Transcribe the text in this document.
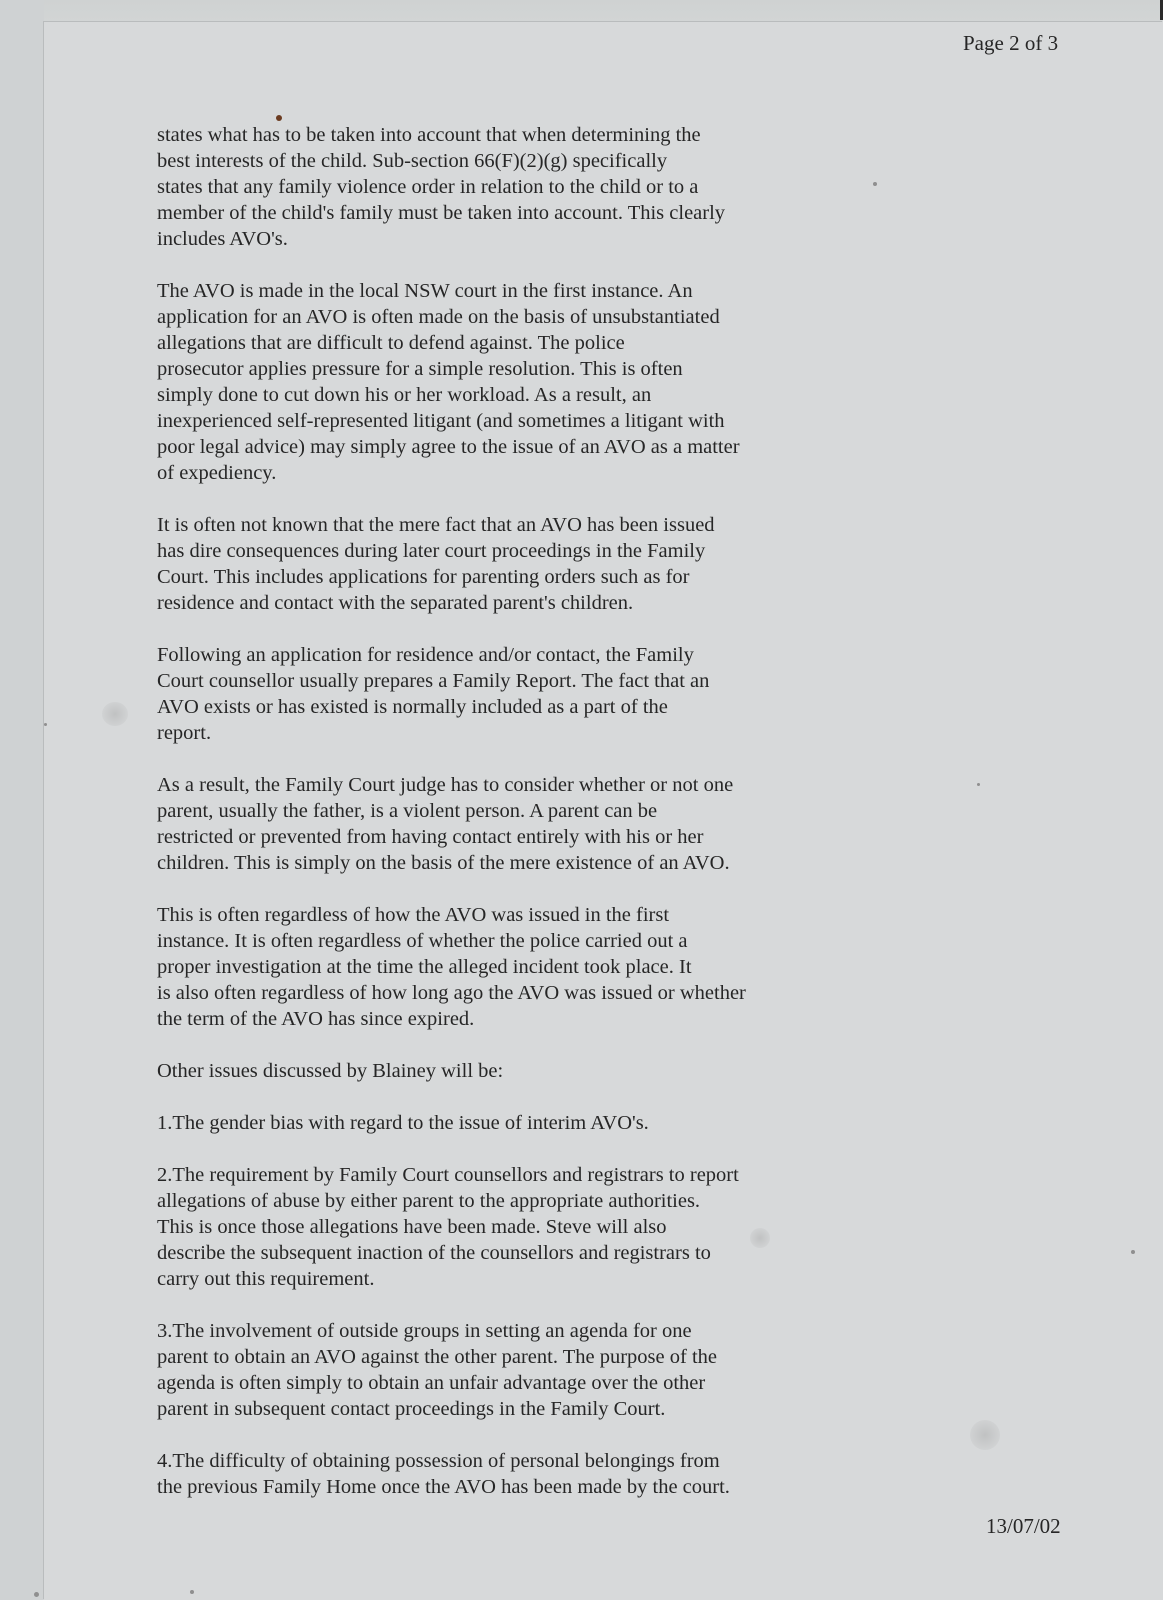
Page 2 of 3

states what has to be taken into account that when determining the
best interests of the child. Sub-section 66(F)(2)(g) specifically
states that any family violence order in relation to the child or to a
member of the child's family must be taken into account. This clearly
includes AVO's.

The AVO is made in the local NSW court in the first instance. An
application for an AVO is often made on the basis of unsubstantiated
allegations that are difficult to defend against. The police
prosecutor applies pressure for a simple resolution. This is often
simply done to cut down his or her workload. As a result, an
inexperienced self-represented litigant (and sometimes a litigant with
poor legal advice) may simply agree to the issue of an AVO as a matter
of expediency.

It is often not known that the mere fact that an AVO has been issued
has dire consequences during later court proceedings in the Family
Court. This includes applications for parenting orders such as for
residence and contact with the separated parent's children.

Following an application for residence and/or contact, the Family
Court counsellor usually prepares a Family Report. The fact that an
AVO exists or has existed is normally included as a part of the
report.

As a result, the Family Court judge has to consider whether or not one
parent, usually the father, is a violent person. A parent can be
restricted or prevented from having contact entirely with his or her
children. This is simply on the basis of the mere existence of an AVO.

This is often regardless of how the AVO was issued in the first
instance. It is often regardless of whether the police carried out a
proper investigation at the time the alleged incident took place. It
is also often regardless of how long ago the AVO was issued or whether
the term of the AVO has since expired.

Other issues discussed by Blainey will be:

1.The gender bias with regard to the issue of interim AVO's.

2.The requirement by Family Court counsellors and registrars to report
allegations of abuse by either parent to the appropriate authorities.
This is once those allegations have been made. Steve will also
describe the subsequent inaction of the counsellors and registrars to
carry out this requirement.

3.The involvement of outside groups in setting an agenda for one
parent to obtain an AVO against the other parent. The purpose of the
agenda is often simply to obtain an unfair advantage over the other
parent in subsequent contact proceedings in the Family Court.

4.The difficulty of obtaining possession of personal belongings from
the previous Family Home once the AVO has been made by the court.

13/07/02
